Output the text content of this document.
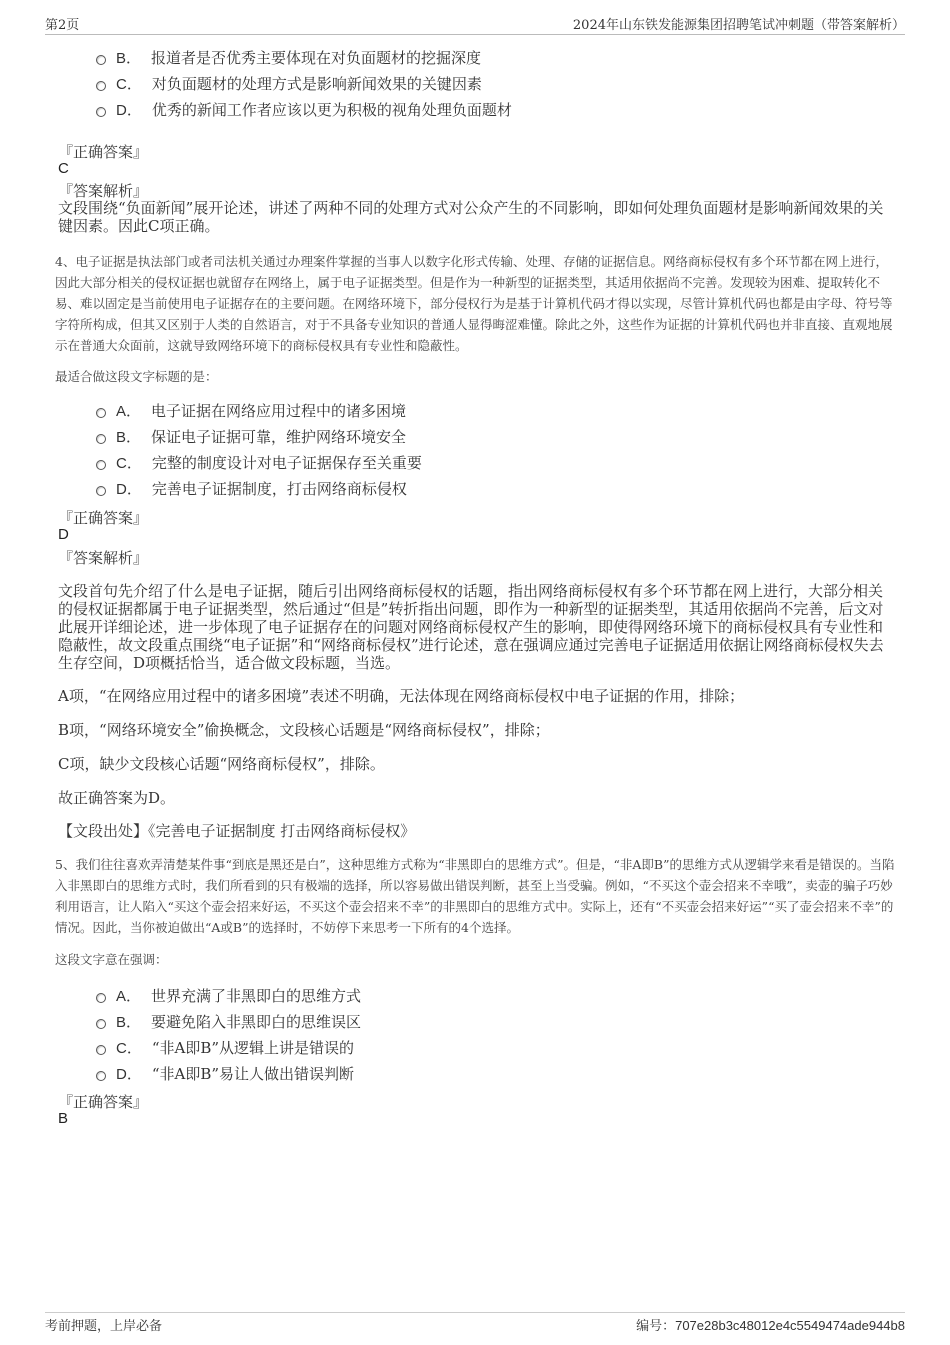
第2页	2024年山东铁发能源集团招聘笔试冲刺题（带答案解析）
B． 报道者是否优秀主要体现在对负面题材的挖掘深度
C． 对负面题材的处理方式是影响新闻效果的关键因素
D． 优秀的新闻工作者应该以更为积极的视角处理负面题材
『正确答案』
C
『答案解析』
文段围绕“负面新闻”展开论述，讲述了两种不同的处理方式对公众产生的不同影响，即如何处理负面题材是影响新闻效果的关键因素。因此C项正确。
4、电子证据是执法部门或者司法机关通过办理案件掌握的当事人以数字化形式传输、处理、存储的证据信息。网络商标侵权有多个环节都在网上进行，因此大部分相关的侵权证据也就留存在网络上，属于电子证据类型。但是作为一种新型的证据类型，其适用依据尚不完善。发现较为困难、提取转化不易、难以固定是当前使用电子证据存在的主要问题。在网络环境下，部分侵权行为是基于计算机代码才得以实现，尽管计算机代码也都是由字母、符号等字符所构成，但其又区别于人类的自然语言，对于不具备专业知识的普通人显得晦涩难懂。除此之外，这些作为证据的计算机代码也并非直接、直观地展示在普通大众面前，这就导致网络环境下的商标侵权具有专业性和隐蔽性。
最适合做这段文字标题的是：
A． 电子证据在网络应用过程中的诸多困境
B． 保证电子证据可靠，维护网络环境安全
C． 完整的制度设计对电子证据保存至关重要
D． 完善电子证据制度，打击网络商标侵权
『正确答案』
D
『答案解析』
文段首句先介绍了什么是电子证据，随后引出网络商标侵权的话题，指出网络商标侵权有多个环节都在网上进行，大部分相关的侵权证据都属于电子证据类型，然后通过“但是”转折指出问题，即作为一种新型的证据类型，其适用依据尚不完善，后文对此展开详细论述，进一步体现了电子证据存在的问题对网络商标侵权产生的影响，即使得网络环境下的商标侵权具有专业性和隐蔽性，故文段重点围绕“电子证据”和“网络商标侵权”进行论述，意在强调应通过完善电子证据适用依据让网络商标侵权失去生存空间，D项概括恰当，适合做文段标题，当选。
A项，“在网络应用过程中的诸多困境”表述不明确，无法体现在网络商标侵权中电子证据的作用，排除；
B项，“网络环境安全”偷换概念，文段核心话题是“网络商标侵权”，排除；
C项，缺少文段核心话题“网络商标侵权”，排除。
故正确答案为D。
【文段出处】《完善电子证据制度 打击网络商标侵权》
5、我们往往喜欢弄清楚某件事“到底是黑还是白”，这种思维方式称为“非黑即白的思维方式”。但是，“非A即B”的思维方式从逻辑学来看是错误的。当陷入非黑即白的思维方式时，我们所看到的只有极端的选择，所以容易做出错误判断，甚至上当受骗。例如，“不买这个壶会招来不幸哦”，卖壶的骗子巧妙利用语言，让人陷入“买这个壶会招来好运，不买这个壶会招来不幸”的非黑即白的思维方式中。实际上，还有“不买壶会招来好运”“买了壶会招来不幸”的情况。因此，当你被迫做出“A或B”的选择时，不妨停下来思考一下所有的4个选择。
这段文字意在强调：
A． 世界充满了非黑即白的思维方式
B． 要避免陷入非黑即白的思维误区
C． “非A即B”从逻辑上讲是错误的
D． “非A即B”易让人做出错误判断
『正确答案』
B
考前押题，上岸必备	编号：707e28b3c48012e4c5549474ade944b8
